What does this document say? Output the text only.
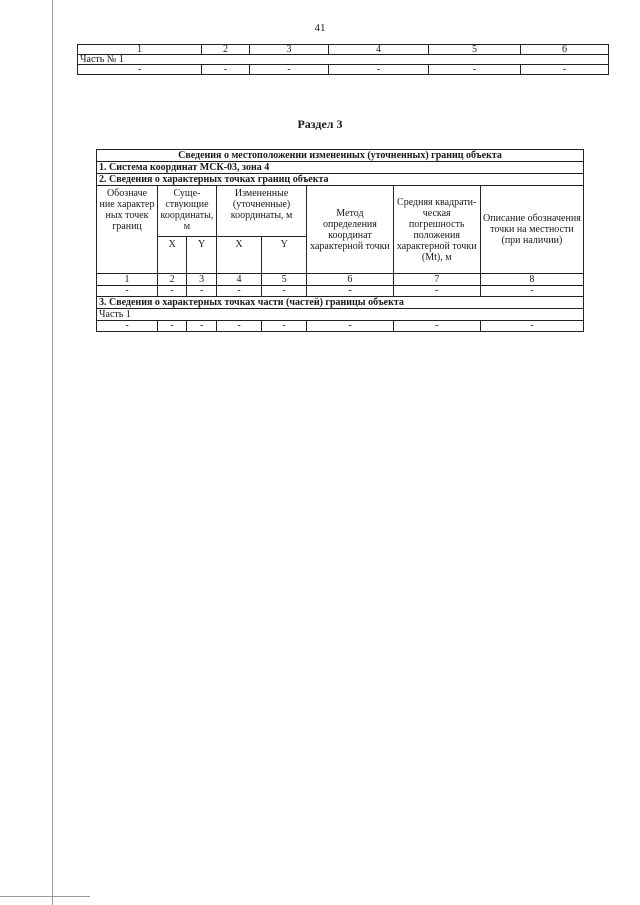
41
1	2	3	4	5	6
Часть № 1					
-	-	-	-	-	-
Раздел 3
Сведения о местоположении измененных (уточненных) границ объекта							
1. Система координат МСК-03, зона 4							
2. Сведения о характерных точках границ объекта							
Обозначе ние характер ных точек границ	Суще- ствующие координаты, м		Измененные (уточненные) координаты, м		Метод определения координат характерной точки	Средняя квадрати- ческая погрешность положения характерной точки (Mt), м	Описание обозначения точки на местности (при наличии)
	X	Y	X	Y			
1	2	3	4	5	6	7	8
-	-	-	-	-	-	-	-
3. Сведения о характерных точках части (частей) границы объекта							
Часть 1							
-	-	-	-	-	-	-	-
